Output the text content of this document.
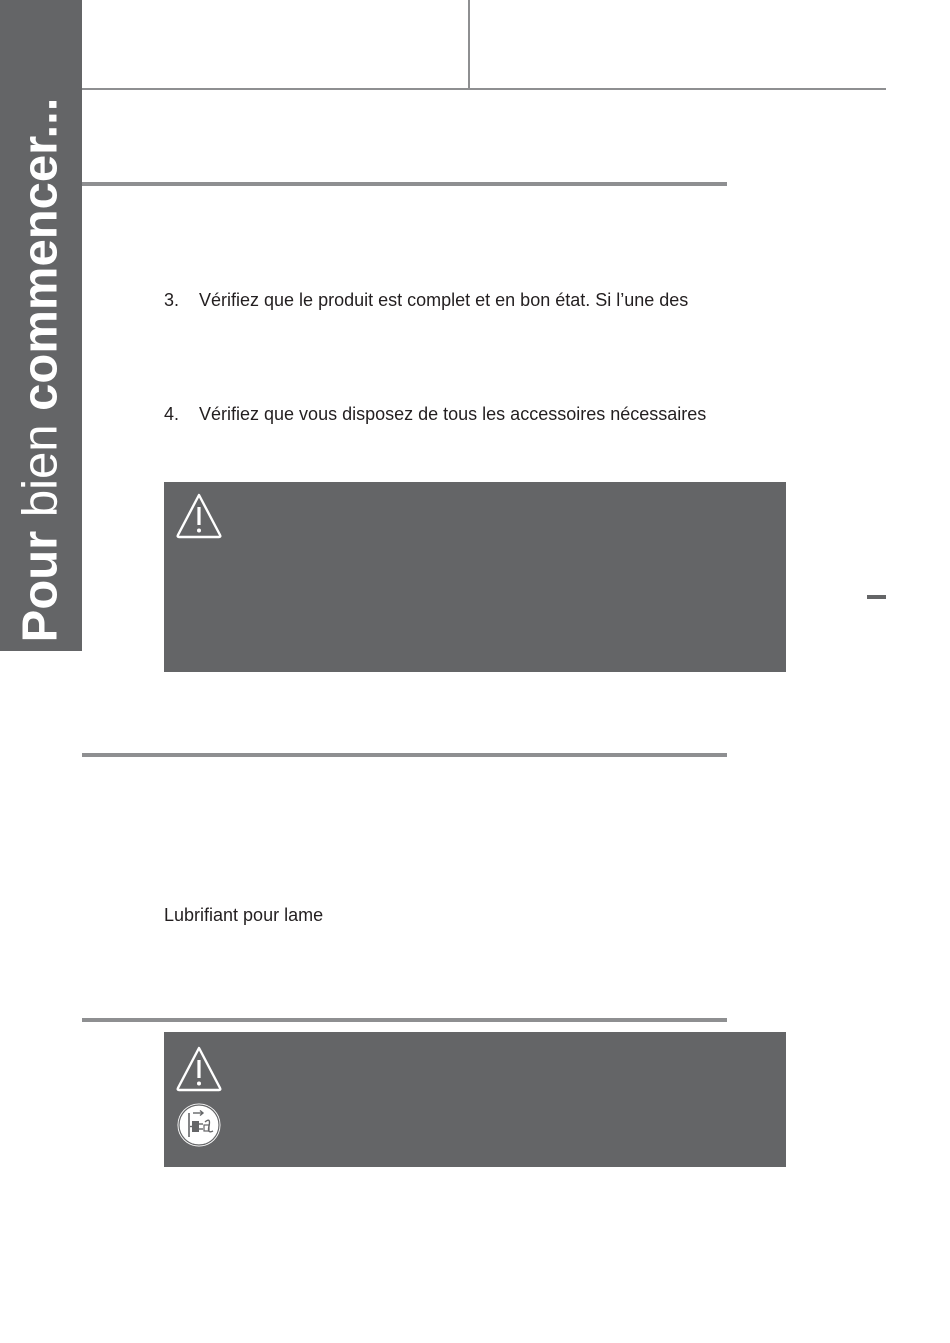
Pour bien commencer...	3. Vérifiez que le produit est complet et en bon état. Si l’une des
4. Vérifiez que vous disposez de tous les accessoires nécessaires
Lubrifiant pour lame
